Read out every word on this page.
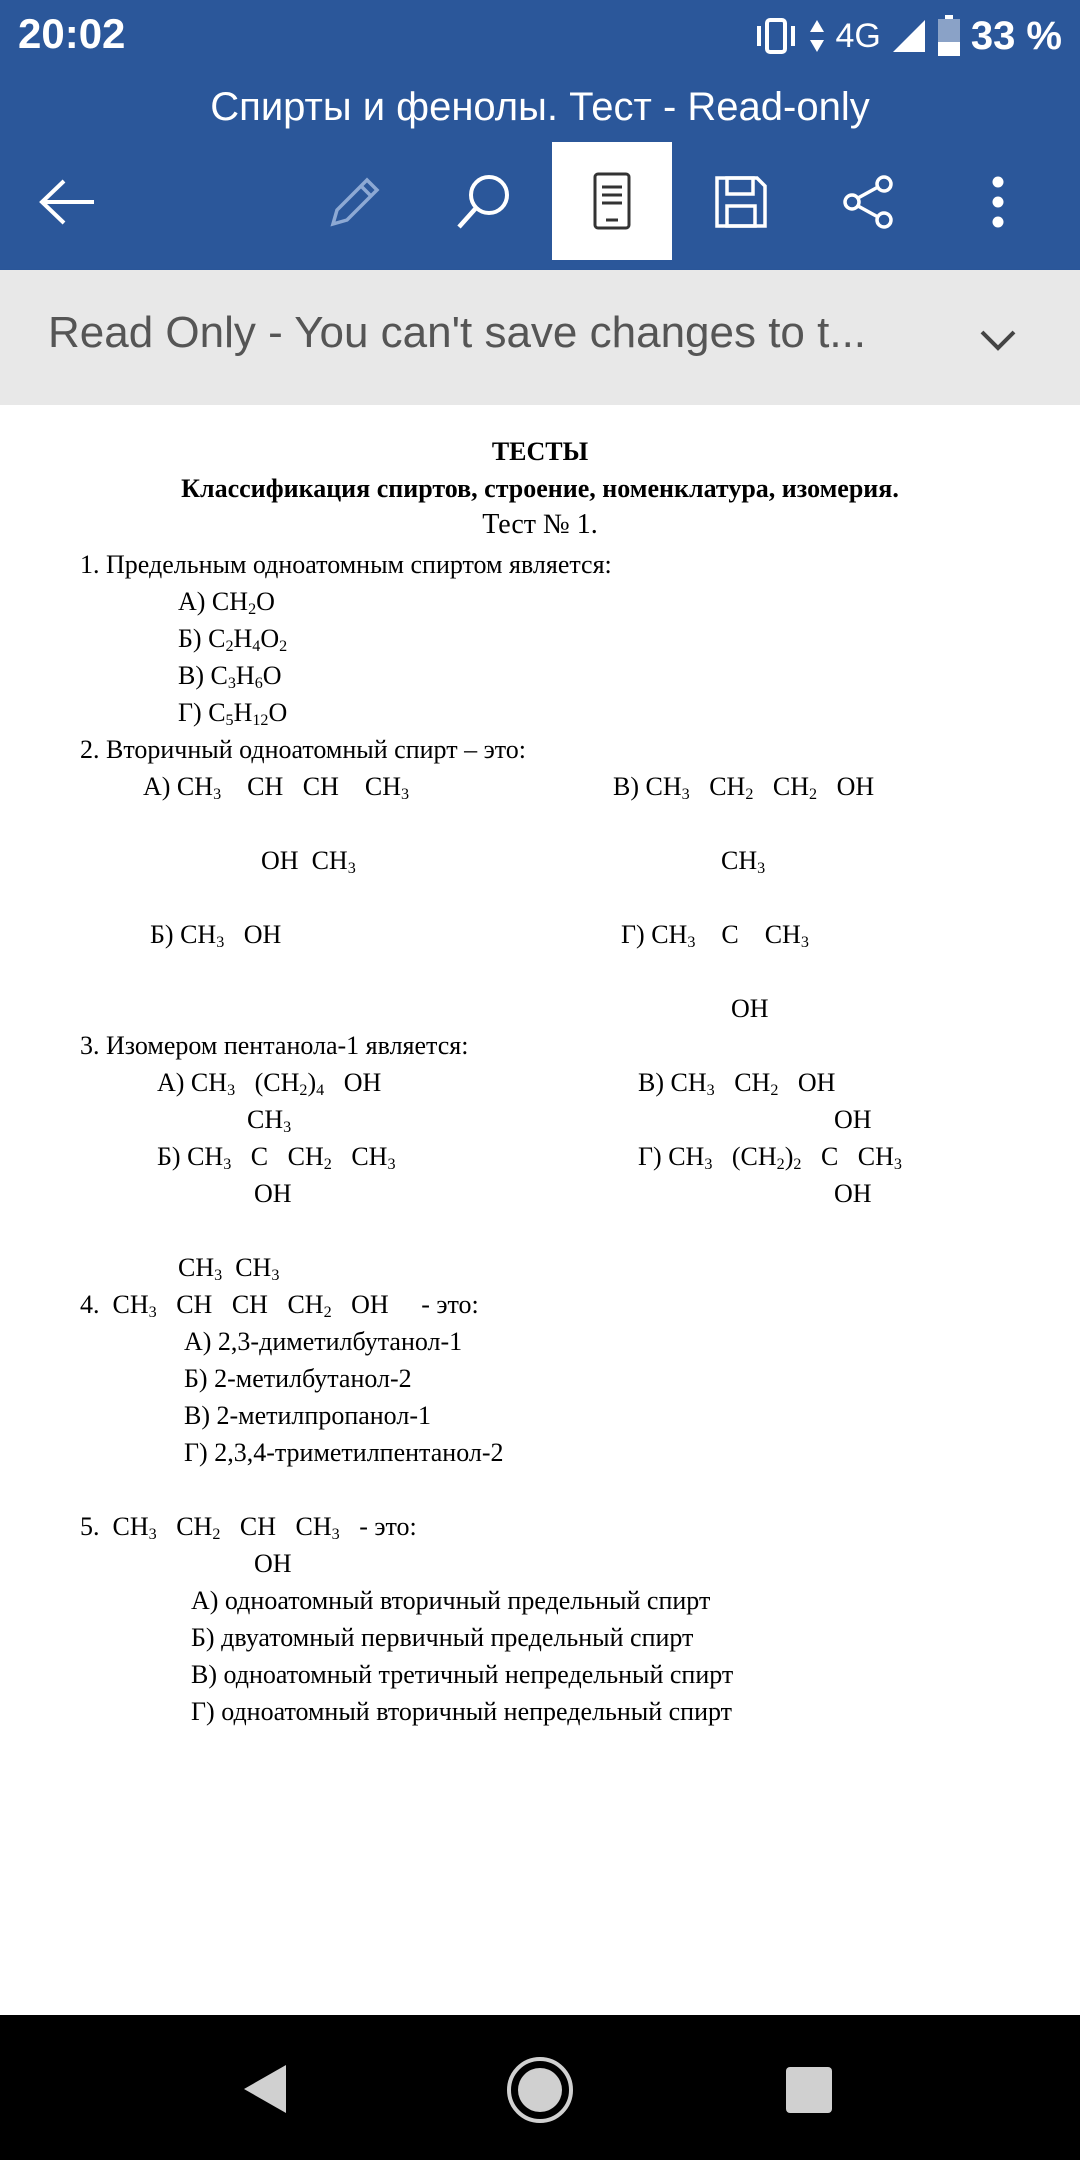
20:02	4G 33 %
Спирты и фенолы. Тест - Read-only
Read Only - You can't save changes to t...
ТЕСТЫ
Классификация спиртов, строение, номенклатура, изомерия.
Тест № 1.
1. Предельным одноатомным спиртом является:
А) $CH_2O$
Б) $C_2H_4O_2$
В) $C_3H_6O$
Г) $C_5H_{12}O$
2. Вторичный одноатомный спирт – это:
А) $CH_3$ CH CH $CH_3$
OH $CH_3$
Б) $CH_3$ OH
В) $CH_3$ $CH_2$ $CH_2$ OH
$CH_3$
Г) $CH_3$ C $CH_3$
OH
3. Изомером пентанола-1 является:
А) $CH_3$ $(CH_2)_4$ OH
$CH_3$
Б) $CH_3$ C $CH_2$ $CH_3$
OH
В) $CH_3$ $CH_2$ OH
OH
Г) $CH_3$ $(CH_2)_2$ C $CH_3$
OH
$CH_3$ $CH_3$
4. $CH_3$ CH CH $CH_2$ OH - это:
А) 2,3-диметилбутанол-1
Б) 2-метилбутанол-2
В) 2-метилпропанол-1
Г) 2,3,4-триметилпентанол-2
5. $CH_3$ $CH_2$ CH $CH_3$ - это:
OH
А) одноатомный вторичный предельный спирт
Б) двуатомный первичный предельный спирт
В) одноатомный третичный непредельный спирт
Г) одноатомный вторичный непредельный спирт
